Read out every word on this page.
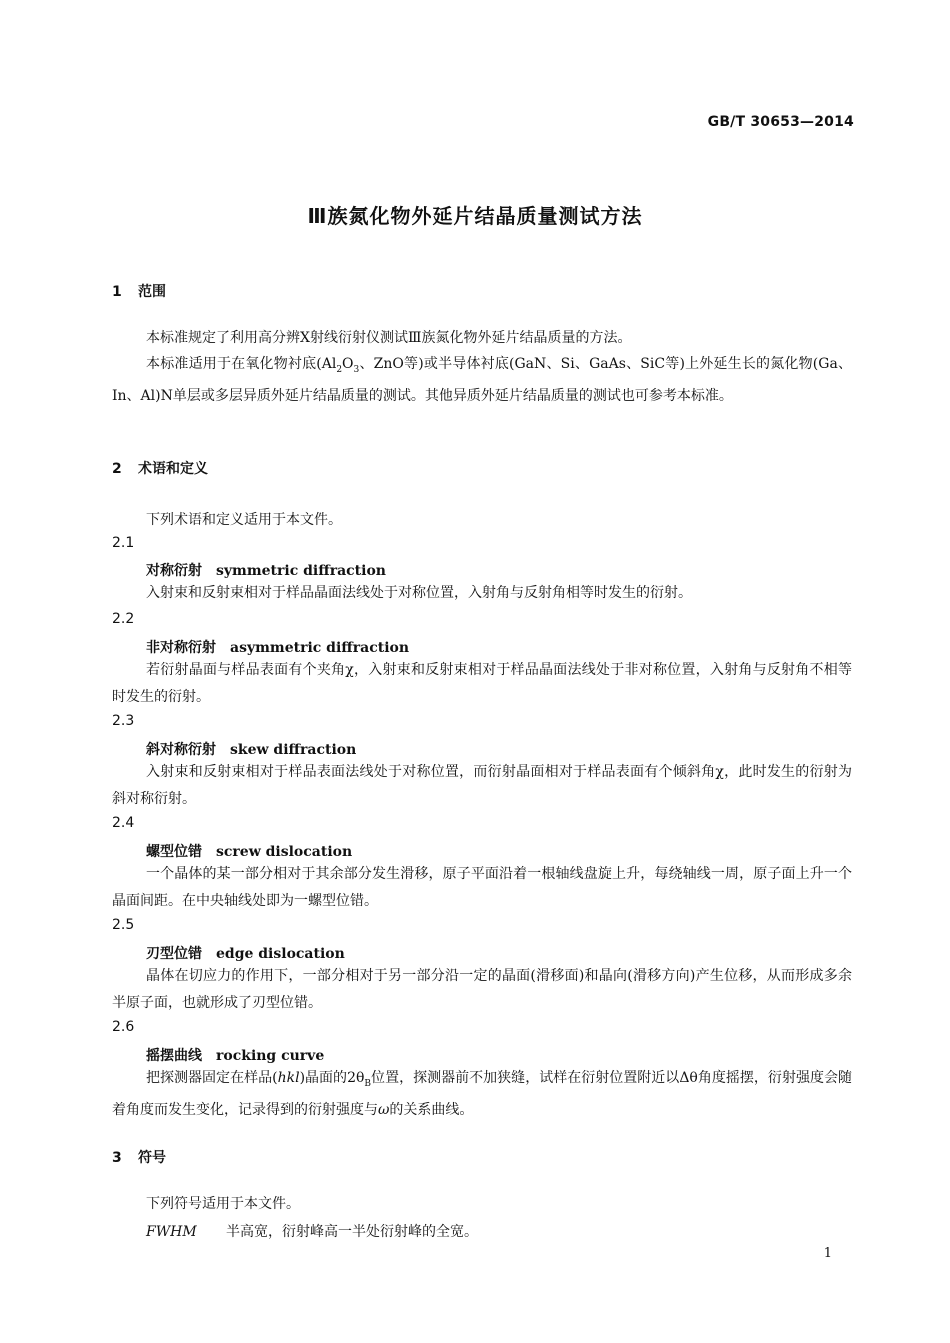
GB/T 30653—2014
Ⅲ族氮化物外延片结晶质量测试方法
1 范围
本标准规定了利用高分辨X射线衍射仪测试Ⅲ族氮化物外延片结晶质量的方法。
本标准适用于在氧化物衬底($Al_2O_3$、ZnO等)或半导体衬底(GaN、Si、GaAs、SiC等)上外延生长的氮化物(Ga、In、Al)N单层或多层异质外延片结晶质量的测试。其他异质外延片结晶质量的测试也可参考本标准。
2 术语和定义
下列术语和定义适用于本文件。
2.1
对称衍射 symmetric diffraction
入射束和反射束相对于样品晶面法线处于对称位置，入射角与反射角相等时发生的衍射。
2.2
非对称衍射 asymmetric diffraction
若衍射晶面与样品表面有个夹角χ，入射束和反射束相对于样品晶面法线处于非对称位置，入射角与反射角不相等时发生的衍射。
2.3
斜对称衍射 skew diffraction
入射束和反射束相对于样品表面法线处于对称位置，而衍射晶面相对于样品表面有个倾斜角χ，此时发生的衍射为斜对称衍射。
2.4
螺型位错 screw dislocation
一个晶体的某一部分相对于其余部分发生滑移，原子平面沿着一根轴线盘旋上升，每绕轴线一周，原子面上升一个晶面间距。在中央轴线处即为一螺型位错。
2.5
刃型位错 edge dislocation
晶体在切应力的作用下，一部分相对于另一部分沿一定的晶面(滑移面)和晶向(滑移方向)产生位移，从而形成多余半原子面，也就形成了刃型位错。
2.6
摇摆曲线 rocking curve
把探测器固定在样品(hkl)晶面的$2\theta_B$位置，探测器前不加狭缝，试样在衍射位置附近以Δθ角度摇摆，衍射强度会随着角度而发生变化，记录得到的衍射强度与ω的关系曲线。
3 符号
下列符号适用于本文件。
FWHM 半高宽，衍射峰高一半处衍射峰的全宽。
1
